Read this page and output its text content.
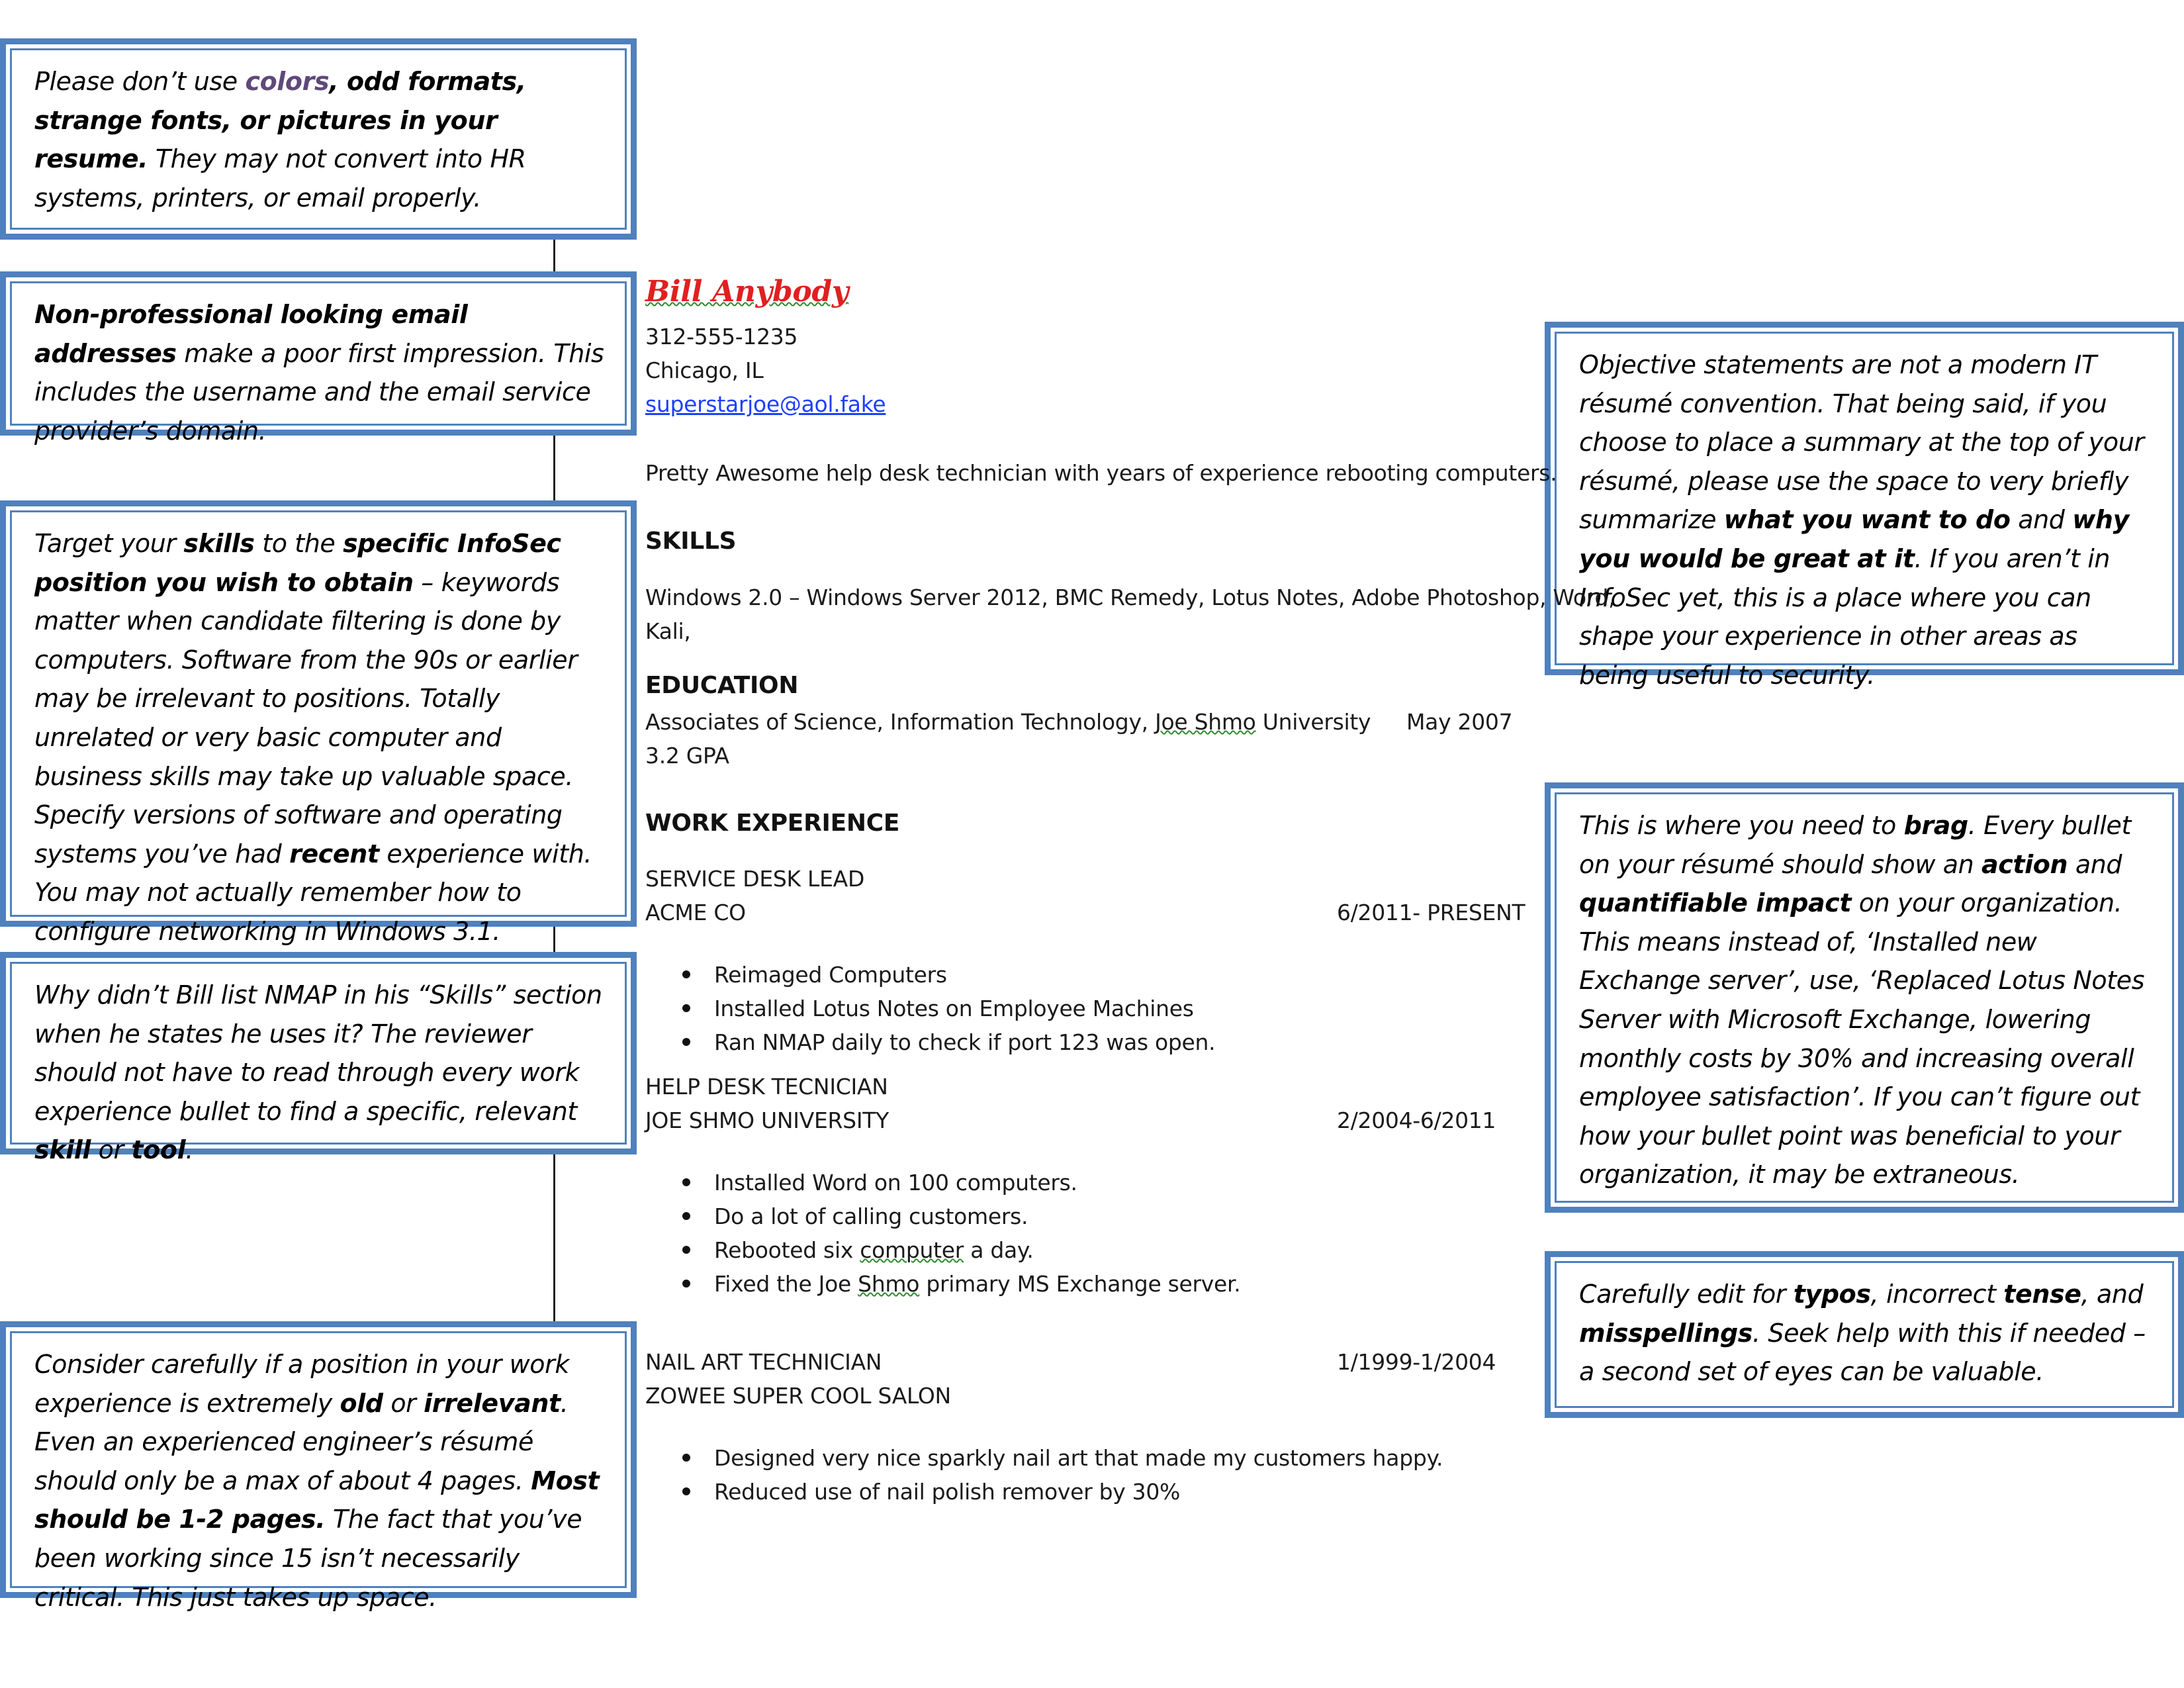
Please don’t use colors, odd formats, strange fonts, or pictures in your resume. They may not convert into HR systems, printers, or email properly.
Non-professional looking email addresses make a poor first impression. This includes the username and the email service provider’s domain.
Target your skills to the specific InfoSec position you wish to obtain – keywords matter when candidate filtering is done by computers. Software from the 90s or earlier may be irrelevant to positions. Totally unrelated or very basic computer and business skills may take up valuable space. Specify versions of software and operating systems you’ve had recent experience with. You may not actually remember how to configure networking in Windows 3.1.
Why didn’t Bill list NMAP in his “Skills” section when he states he uses it? The reviewer should not have to read through every work experience bullet to find a specific, relevant skill or tool.
Consider carefully if a position in your work experience is extremely old or irrelevant. Even an experienced engineer’s résumé should only be a max of about 4 pages. Most should be 1-2 pages. The fact that you’ve been working since 15 isn’t necessarily critical. This just takes up space.
Objective statements are not a modern IT résumé convention. That being said, if you choose to place a summary at the top of your résumé, please use the space to very briefly summarize what you want to do and why you would be great at it. If you aren’t in InfoSec yet, this is a place where you can shape your experience in other areas as being useful to security.
This is where you need to brag. Every bullet on your résumé should show an action and quantifiable impact on your organization. This means instead of, ‘Installed new Exchange server’, use, ‘Replaced Lotus Notes Server with Microsoft Exchange, lowering monthly costs by 30% and increasing overall employee satisfaction’. If you can’t figure out how your bullet point was beneficial to your organization, it may be extraneous.
Carefully edit for typos, incorrect tense, and misspellings. Seek help with this if needed – a second set of eyes can be valuable.
Bill Anybody
312-555-1235
Chicago, IL
superstarjoe@aol.fake
Pretty Awesome help desk technician with years of experience rebooting computers.
SKILLS
Windows 2.0 – Windows Server 2012, BMC Remedy, Lotus Notes, Adobe Photoshop, Word,
Kali,
EDUCATION
Associates of Science, Information Technology, Joe Shmo University May 2007
3.2 GPA
WORK EXPERIENCE
SERVICE DESK LEAD
ACME CO	6/2011- PRESENT
Reimaged Computers
Installed Lotus Notes on Employee Machines
Ran NMAP daily to check if port 123 was open.
HELP DESK TECNICIAN
JOE SHMO UNIVERSITY	2/2004-6/2011
Installed Word on 100 computers.
Do a lot of calling customers.
Rebooted six computer a day.
Fixed the Joe Shmo primary MS Exchange server.
NAIL ART TECHNICIAN
ZOWEE SUPER COOL SALON
1/1999-1/2004
Designed very nice sparkly nail art that made my customers happy.
Reduced use of nail polish remover by 30%
